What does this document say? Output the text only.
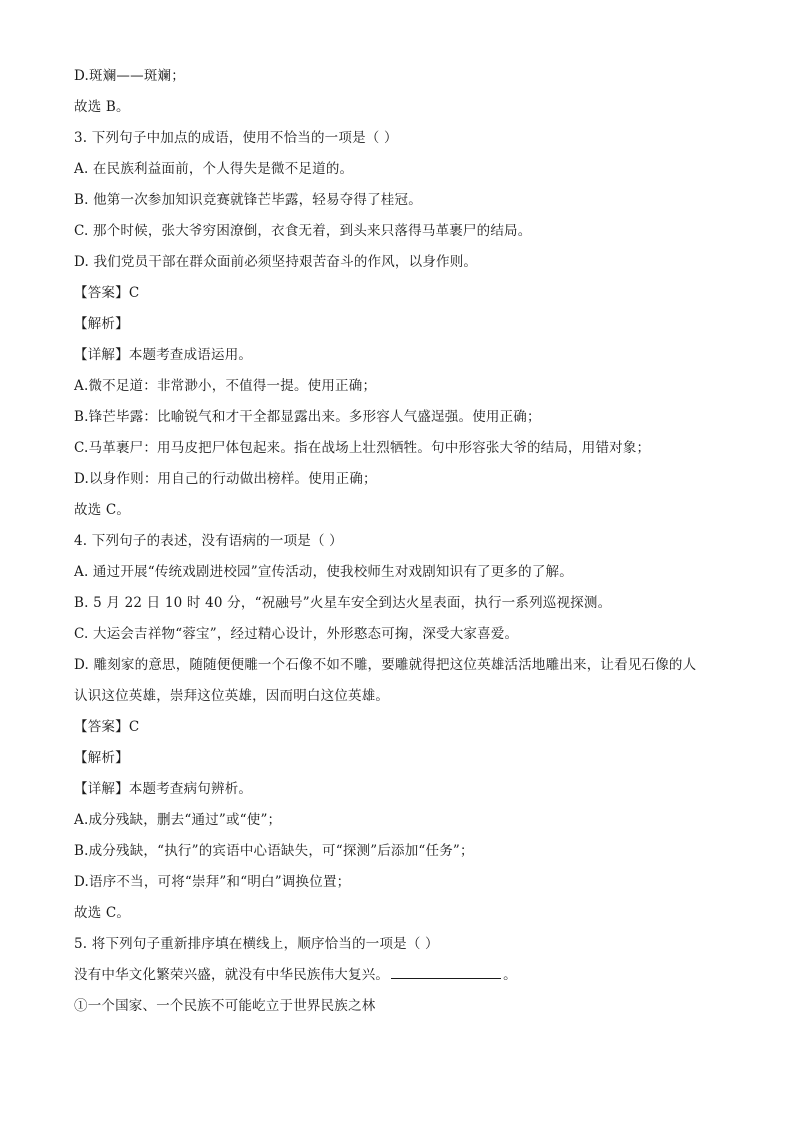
D.斑斓——斑斓；
故选 B。
3. 下列句子中加点的成语，使用不恰当的一项是（ ）
A. 在民族利益面前，个人得失是微不足道的。
B. 他第一次参加知识竞赛就锋芒毕露，轻易夺得了桂冠。
C. 那个时候，张大爷穷困潦倒，衣食无着，到头来只落得马革裹尸的结局。
D. 我们党员干部在群众面前必须坚持艰苦奋斗的作风，以身作则。
【答案】C
【解析】
【详解】本题考查成语运用。
A.微不足道：非常渺小，不值得一提。使用正确；
B.锋芒毕露：比喻锐气和才干全都显露出来。多形容人气盛逞强。使用正确；
C.马革裹尸：用马皮把尸体包起来。指在战场上壮烈牺牲。句中形容张大爷的结局，用错对象；
D.以身作则：用自己的行动做出榜样。使用正确；
故选 C。
4. 下列句子的表述，没有语病的一项是（ ）
A. 通过开展“传统戏剧进校园”宣传活动，使我校师生对戏剧知识有了更多的了解。
B. 5 月 22 日 10 时 40 分，“祝融号”火星车安全到达火星表面，执行一系列巡视探测。
C. 大运会吉祥物“蓉宝”，经过精心设计，外形憨态可掬，深受大家喜爱。
D. 雕刻家的意思，随随便便雕一个石像不如不雕，要雕就得把这位英雄活活地雕出来，让看见石像的人
认识这位英雄，崇拜这位英雄，因而明白这位英雄。
【答案】C
【解析】
【详解】本题考查病句辨析。
A.成分残缺，删去“通过”或“使”；
B.成分残缺，“执行”的宾语中心语缺失，可“探测”后添加“任务”；
D.语序不当，可将“崇拜”和“明白”调换位置；
故选 C。
5. 将下列句子重新排序填在横线上，顺序恰当的一项是（ ）
没有中华文化繁荣兴盛，就没有中华民族伟大复兴。	。
①一个国家、一个民族不可能屹立于世界民族之林
